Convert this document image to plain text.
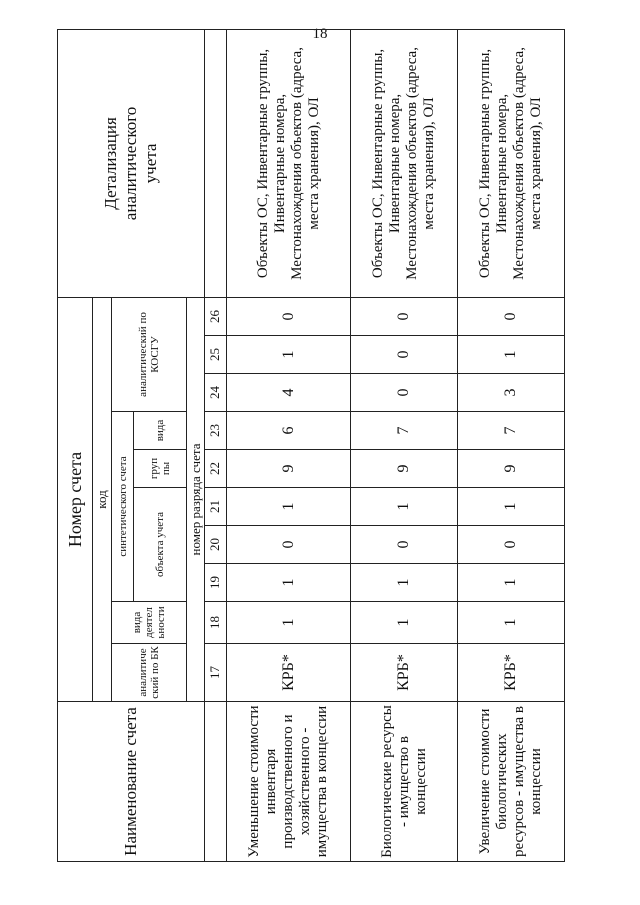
18
Наименование счета	Номер счета										Детализация аналитического учета
	код										
	аналитиче ский по БК	вида деятел ьности	синтетического счета					аналитический по КОСГУ			
			объекта учета			груп пы	вида				
	номер разряда счета										
	17	18	19	20	21	22	23	24	25	26	
Уменьшение стоимости инвентаря производственного и хозяйственного - имущества в концессии	КРБ*	1	1	0	1	9	6	4	1	0	Объекты ОС, Инвентарные группы, Инвентарные номера, Местонахождения объектов (адреса, места хранения), ОЛ
Биологические ресурсы - имущество в концессии	КРБ*	1	1	0	1	9	7	0	0	0	Объекты ОС, Инвентарные группы, Инвентарные номера, Местонахождения объектов (адреса, места хранения), ОЛ
Увеличение стоимости биологических ресурсов - имущества в концессии	КРБ*	1	1	0	1	9	7	3	1	0	Объекты ОС, Инвентарные группы, Инвентарные номера, Местонахождения объектов (адреса, места хранения), ОЛ
